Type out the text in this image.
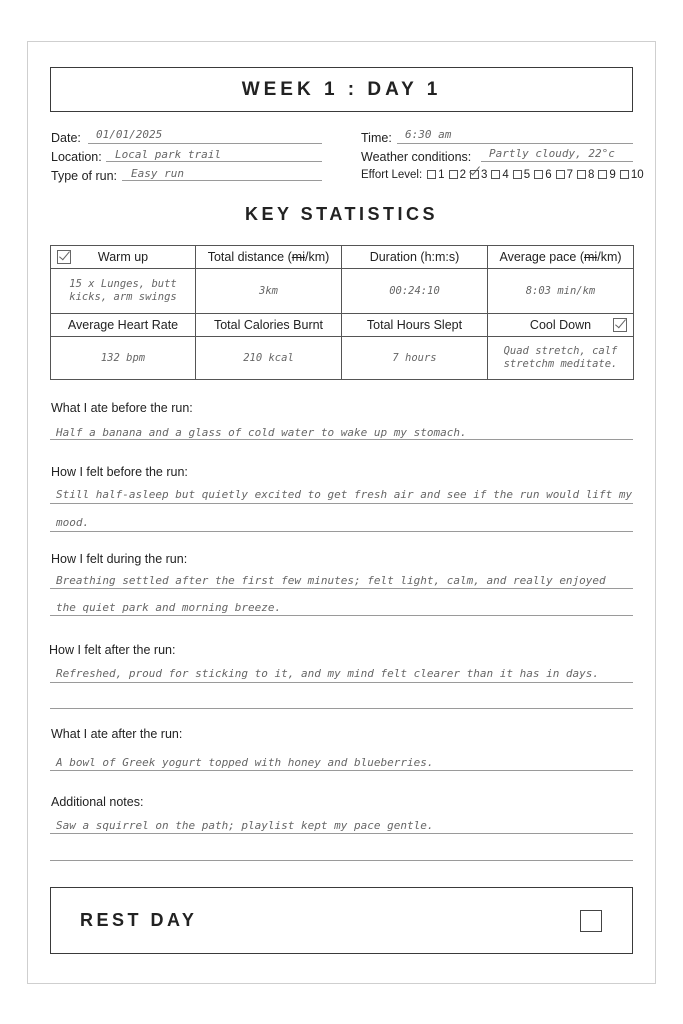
WEEK 1 : DAY 1
Date: 01/01/2025
Location: Local park trail
Type of run: Easy run
Time: 6:30 am
Weather conditions: Partly cloudy, 22°c
Effort Level:	1 2 3 4 5 6 7 8 9 10
KEY STATISTICS
Warm up	Total distance (mi/km)	Duration (h:m:s)	Average pace (mi/km)
15 x Lunges, butt
kicks, arm swings	3km	00:24:10	8:03 min/km
Average Heart Rate	Total Calories Burnt	Total Hours Slept	Cool Down

132 bpm	210 kcal	7 hours	Quad stretch, calf
stretchm meditate.
What I ate before the run:
Half a banana and a glass of cold water to wake up my stomach.
How I felt before the run:
Still half-asleep but quietly excited to get fresh air and see if the run would lift my
mood.
How I felt during the run:
Breathing settled after the first few minutes; felt light, calm, and really enjoyed
the quiet park and morning breeze.
How I felt after the run:
Refreshed, proud for sticking to it, and my mind felt clearer than it has in days.
What I ate after the run:
A bowl of Greek yogurt topped with honey and blueberries.
Additional notes:
Saw a squirrel on the path; playlist kept my pace gentle.
REST DAY
